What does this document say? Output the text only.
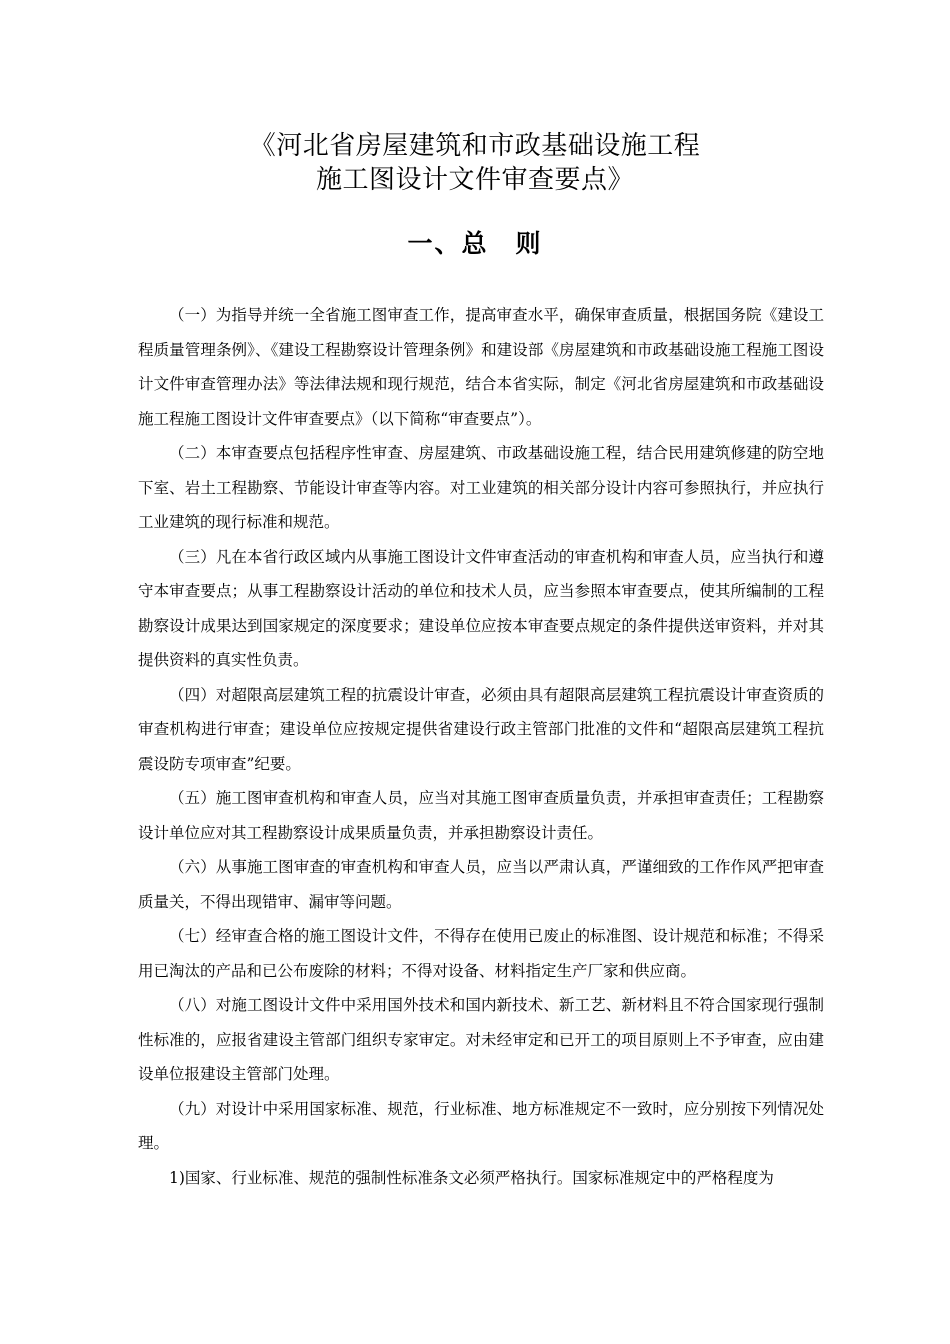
《河北省房屋建筑和市政基础设施工程
施工图设计文件审查要点》
一、总　则

（一）为指导并统一全省施工图审查工作，提高审查水平，确保审查质量，根据国务院《建设工程质量管理条例》、《建设工程勘察设计管理条例》和建设部《房屋建筑和市政基础设施工程施工图设计文件审查管理办法》等法律法规和现行规范，结合本省实际，制定《河北省房屋建筑和市政基础设施工程施工图设计文件审查要点》（以下简称“审查要点”）。

（二）本审查要点包括程序性审查、房屋建筑、市政基础设施工程，结合民用建筑修建的防空地下室、岩土工程勘察、节能设计审查等内容。对工业建筑的相关部分设计内容可参照执行，并应执行工业建筑的现行标准和规范。

（三）凡在本省行政区域内从事施工图设计文件审查活动的审查机构和审查人员，应当执行和遵守本审查要点；从事工程勘察设计活动的单位和技术人员，应当参照本审查要点，使其所编制的工程勘察设计成果达到国家规定的深度要求；建设单位应按本审查要点规定的条件提供送审资料，并对其提供资料的真实性负责。

（四）对超限高层建筑工程的抗震设计审查，必须由具有超限高层建筑工程抗震设计审查资质的审查机构进行审查；建设单位应按规定提供省建设行政主管部门批准的文件和“超限高层建筑工程抗震设防专项审查”纪要。

（五）施工图审查机构和审查人员，应当对其施工图审查质量负责，并承担审查责任；工程勘察设计单位应对其工程勘察设计成果质量负责，并承担勘察设计责任。

（六）从事施工图审查的审查机构和审查人员，应当以严肃认真，严谨细致的工作作风严把审查质量关，不得出现错审、漏审等问题。

（七）经审查合格的施工图设计文件，不得存在使用已废止的标准图、设计规范和标准；不得采用已淘汰的产品和已公布废除的材料；不得对设备、材料指定生产厂家和供应商。

（八）对施工图设计文件中采用国外技术和国内新技术、新工艺、新材料且不符合国家现行强制性标准的，应报省建设主管部门组织专家审定。对未经审定和已开工的项目原则上不予审查，应由建设单位报建设主管部门处理。

（九）对设计中采用国家标准、规范，行业标准、地方标准规定不一致时，应分别按下列情况处理。

1)国家、行业标准、规范的强制性标准条文必须严格执行。国家标准规定中的严格程度为
